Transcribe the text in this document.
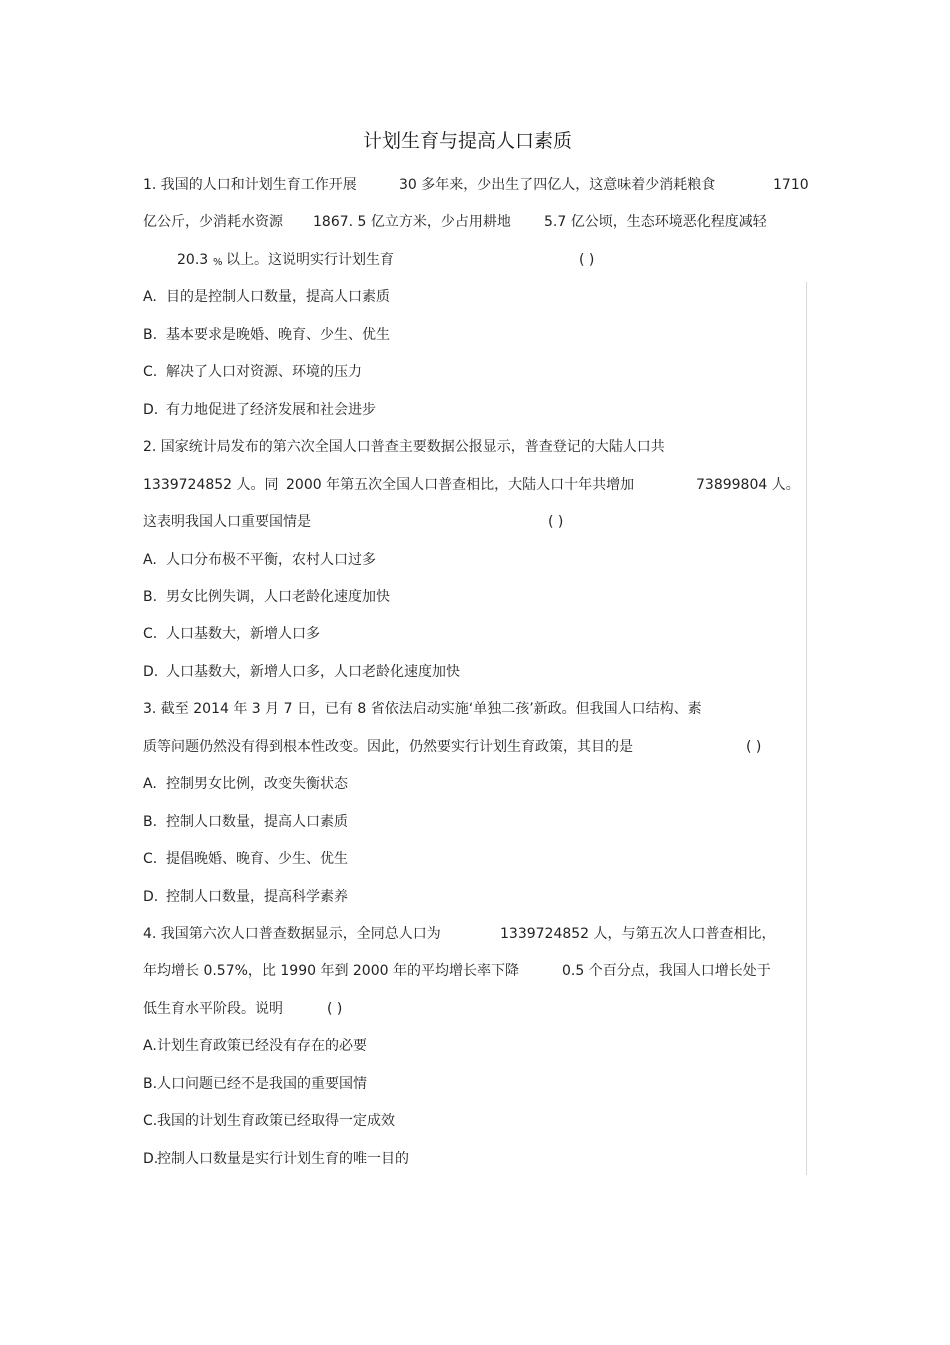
计划生育与提高人口素质
1. 我国的人口和计划生育工作开展	30 多年来，少出生了四亿人，这意味着少消耗粮食	1710
亿公斤，少消耗水资源 1867. 5 亿立方米，少占用耕地 5.7 亿公顷，生态环境恶化程度减轻
20.3 % 以上。这说明实行计划生育	( )
A. 目的是控制人口数量，提高人口素质
B. 基本要求是晚婚、晚育、少生、优生
C. 解决了人口对资源、环境的压力
D. 有力地促进了经济发展和社会进步
2. 国家统计局发布的第六次全国人口普查主要数据公报显示，普查登记的大陆人口共
1339724852 人。同 2000 年第五次全国人口普查相比，大陆人口十年共增加	73899804 人。
这表明我国人口重要国情是	( )
A. 人口分布极不平衡，农村人口过多
B. 男女比例失调，人口老龄化速度加快
C. 人口基数大，新增人口多
D. 人口基数大，新增人口多，人口老龄化速度加快
3. 截至 2014 年 3 月 7 日，已有 8 省依法启动实施‘单独二孩’新政。但我国人口结构、素
质等问题仍然没有得到根本性改变。因此，仍然要实行计划生育政策，其目的是	( )
A. 控制男女比例，改变失衡状态
B. 控制人口数量，提高人口素质
C. 提倡晚婚、晚育、少生、优生
D. 控制人口数量，提高科学素养
4. 我国第六次人口普查数据显示，全同总人口为	1339724852 人，与第五次人口普查相比，
年均增长 0.57%，比 1990 年到 2000 年的平均增长率下降	0.5 个百分点，我国人口增长处于
低生育水平阶段。说明	( )
A. 计划生育政策已经没有存在的必要
B. 人口问题已经不是我国的重要国情
C. 我国的计划生育政策已经取得一定成效
D.
控制人口数量是实行计划生育的唯一目的
